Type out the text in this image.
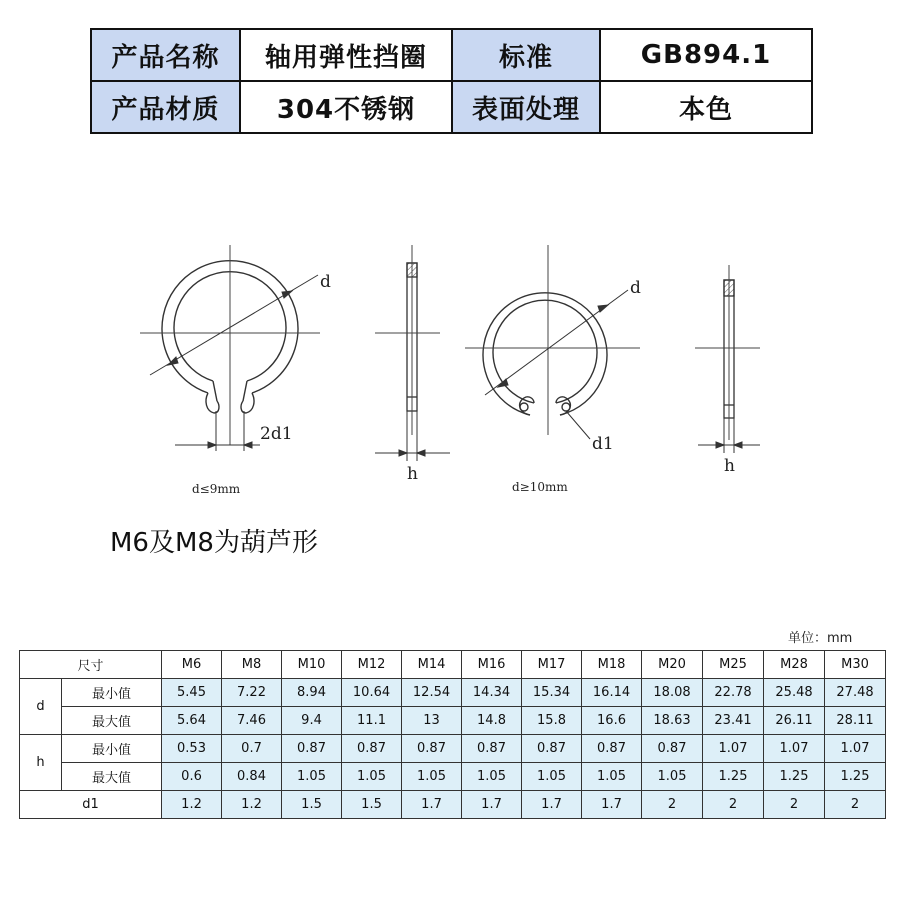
产品名称	轴用弹性挡圈	标准	GB894.1
产品材质	304不锈钢	表面处理	本色
d
2d1
d≤9mm
h
d
d1
d≥10mm
h
M6及M8为葫芦形
单位：mm
尺寸		M6	M8	M10	M12	M14	M16	M17	M18	M20	M25	M28	M30
d	最小值	5.45	7.22	8.94	10.64	12.54	14.34	15.34	16.14	18.08	22.78	25.48	27.48
	最大值	5.64	7.46	9.4	11.1	13	14.8	15.8	16.6	18.63	23.41	26.11	28.11
h	最小值	0.53	0.7	0.87	0.87	0.87	0.87	0.87	0.87	0.87	1.07	1.07	1.07
	最大值	0.6	0.84	1.05	1.05	1.05	1.05	1.05	1.05	1.05	1.25	1.25	1.25
d1		1.2	1.2	1.5	1.5	1.7	1.7	1.7	1.7	2	2	2	2
